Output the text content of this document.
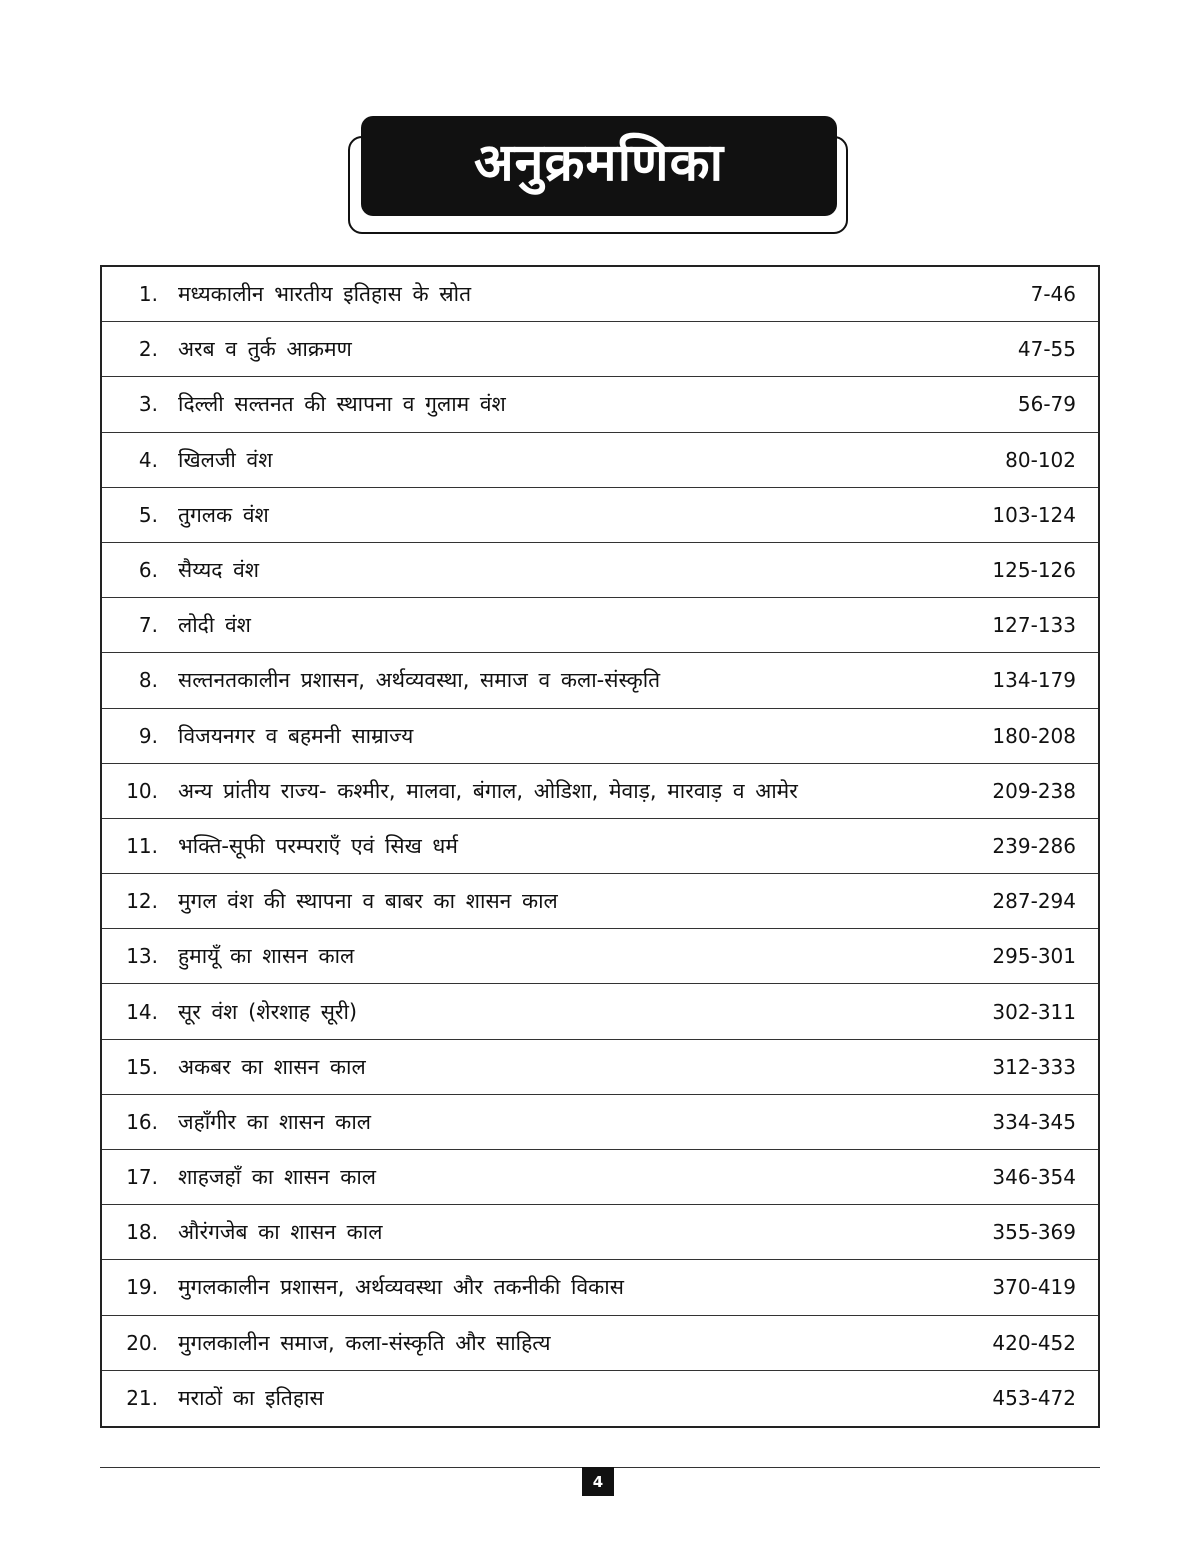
अनुक्रमणिका
1. मध्यकालीन भारतीय इतिहास के स्रोत	7-46
2. अरब व तुर्क आक्रमण	47-55
3. दिल्ली सल्तनत की स्थापना व गुलाम वंश	56-79
4. खिलजी वंश	80-102
5. तुगलक वंश	103-124
6. सैय्यद वंश	125-126
7. लोदी वंश	127-133
8. सल्तनतकालीन प्रशासन, अर्थव्यवस्था, समाज व कला-संस्कृति	134-179
9. विजयनगर व बहमनी साम्राज्य	180-208
10. अन्य प्रांतीय राज्य- कश्मीर, मालवा, बंगाल, ओडिशा, मेवाड़, मारवाड़ व आमेर	209-238
11. भक्ति-सूफी परम्पराएँ एवं सिख धर्म	239-286
12. मुगल वंश की स्थापना व बाबर का शासन काल	287-294
13. हुमायूँ का शासन काल	295-301
14. सूर वंश (शेरशाह सूरी)	302-311
15. अकबर का शासन काल	312-333
16. जहाँगीर का शासन काल	334-345
17. शाहजहाँ का शासन काल	346-354
18. औरंगजेब का शासन काल	355-369
19. मुगलकालीन प्रशासन, अर्थव्यवस्था और तकनीकी विकास	370-419
20. मुगलकालीन समाज, कला-संस्कृति और साहित्य	420-452
21. मराठों का इतिहास	453-472
4
